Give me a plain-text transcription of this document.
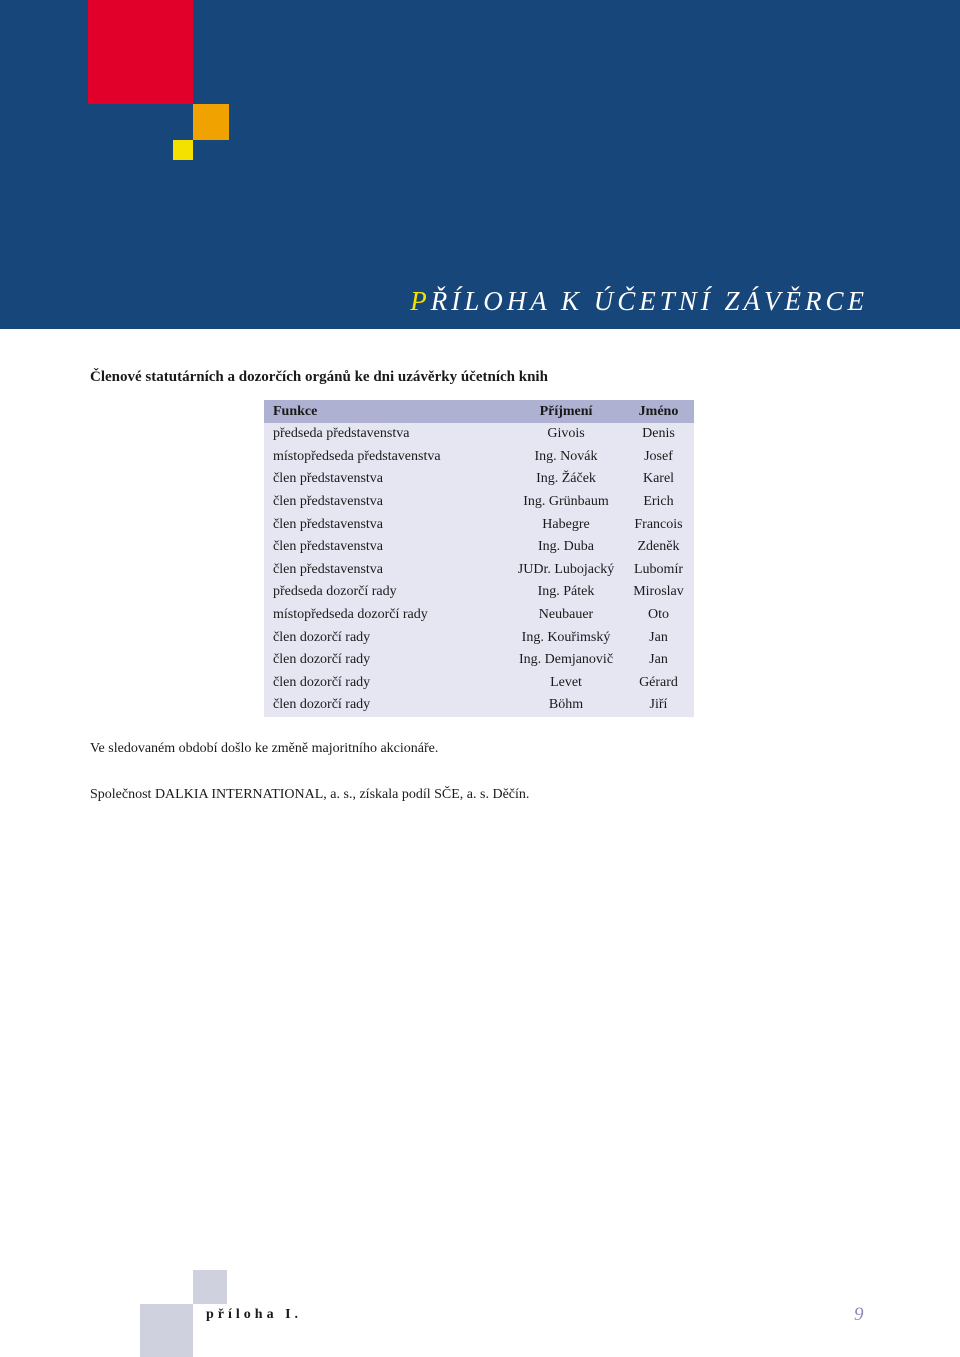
PŘÍLOHA K ÚČETNÍ ZÁVĚRCE
Členové statutárních a dozorčích orgánů ke dni uzávěrky účetních knih
Funkce	Příjmení	Jméno
předseda představenstva	Givois	Denis
místopředseda představenstva	Ing. Novák	Josef
člen představenstva	Ing. Žáček	Karel
člen představenstva	Ing. Grünbaum	Erich
člen představenstva	Habegre	Francois
člen představenstva	Ing. Duba	Zdeněk
člen představenstva	JUDr. Lubojacký	Lubomír
předseda dozorčí rady	Ing. Pátek	Miroslav
místopředseda dozorčí rady	Neubauer	Oto
člen dozorčí rady	Ing. Kouřimský	Jan
člen dozorčí rady	Ing. Demjanovič	Jan
člen dozorčí rady	Levet	Gérard
člen dozorčí rady	Böhm	Jiří
Ve sledovaném období došlo ke změně majoritního akcionáře.
Společnost DALKIA INTERNATIONAL, a. s., získala podíl SČE, a. s. Děčín.
příloha I.	9
